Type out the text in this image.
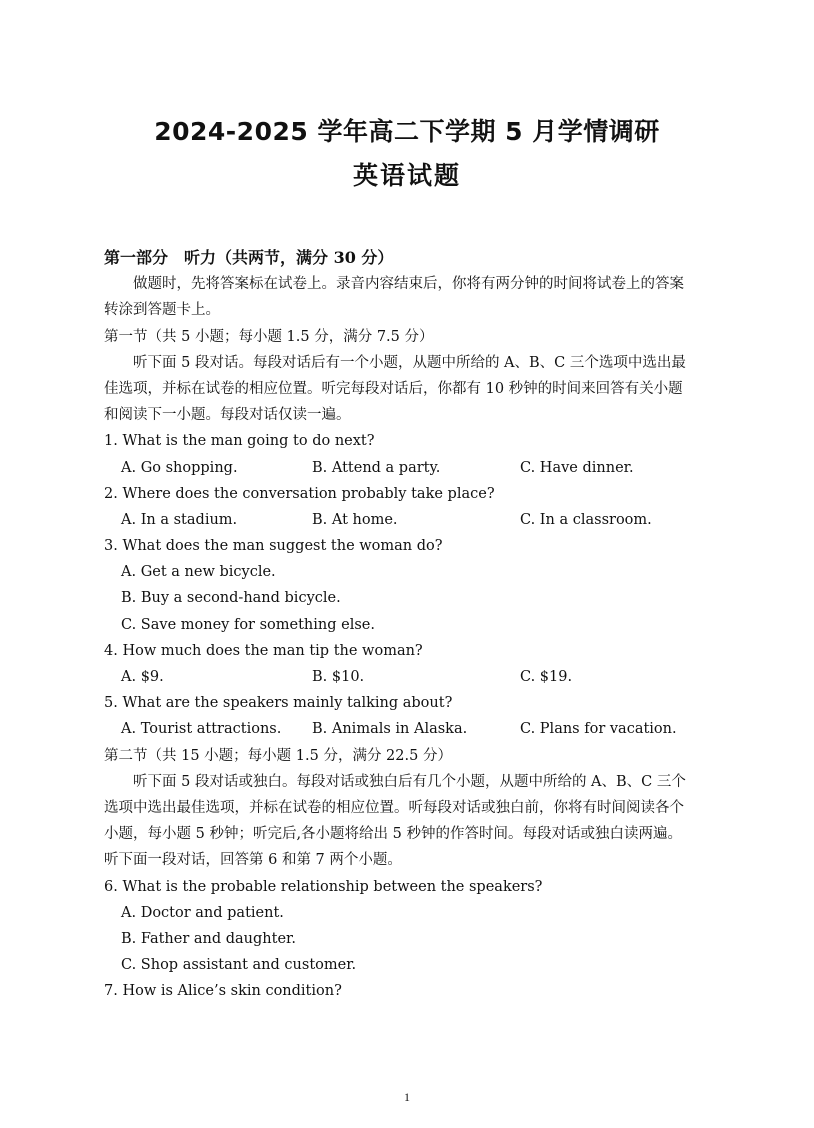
2024-2025 学年高二下学期 5 月学情调研
英语试题
第一部分　听力（共两节，满分 30 分）
做题时，先将答案标在试卷上。录音内容结束后，你将有两分钟的时间将试卷上的答案
转涂到答题卡上。
第一节（共 5 小题；每小题 1.5 分，满分 7.5 分）
听下面 5 段对话。每段对话后有一个小题，从题中所给的 A、B、C 三个选项中选出最
佳选项，并标在试卷的相应位置。听完每段对话后，你都有 10 秒钟的时间来回答有关小题
和阅读下一小题。每段对话仅读一遍。
1. What is the man going to do next?
A. Go shopping.	B. Attend a party.	C. Have dinner.
2. Where does the conversation probably take place?
A. In a stadium.	B. At home.	C. In a classroom.
3. What does the man suggest the woman do?
A. Get a new bicycle.
B. Buy a second-hand bicycle.
C. Save money for something else.
4. How much does the man tip the woman?
A. $9.	B. $10.	C. $19.
5. What are the speakers mainly talking about?
A. Tourist attractions. B. Animals in Alaska.	C. Plans for vacation.
第二节（共 15 小题；每小题 1.5 分，满分 22.5 分）
听下面 5 段对话或独白。每段对话或独白后有几个小题，从题中所给的 A、B、C 三个
选项中选出最佳选项，并标在试卷的相应位置。听每段对话或独白前，你将有时间阅读各个
小题，每小题 5 秒钟；听完后,各小题将给出 5 秒钟的作答时间。每段对话或独白读两遍。
听下面一段对话，回答第 6 和第 7 两个小题。
6. What is the probable relationship between the speakers?
A. Doctor and patient.
B. Father and daughter.
C. Shop assistant and customer.
7. How is Alice’s skin condition?
1
